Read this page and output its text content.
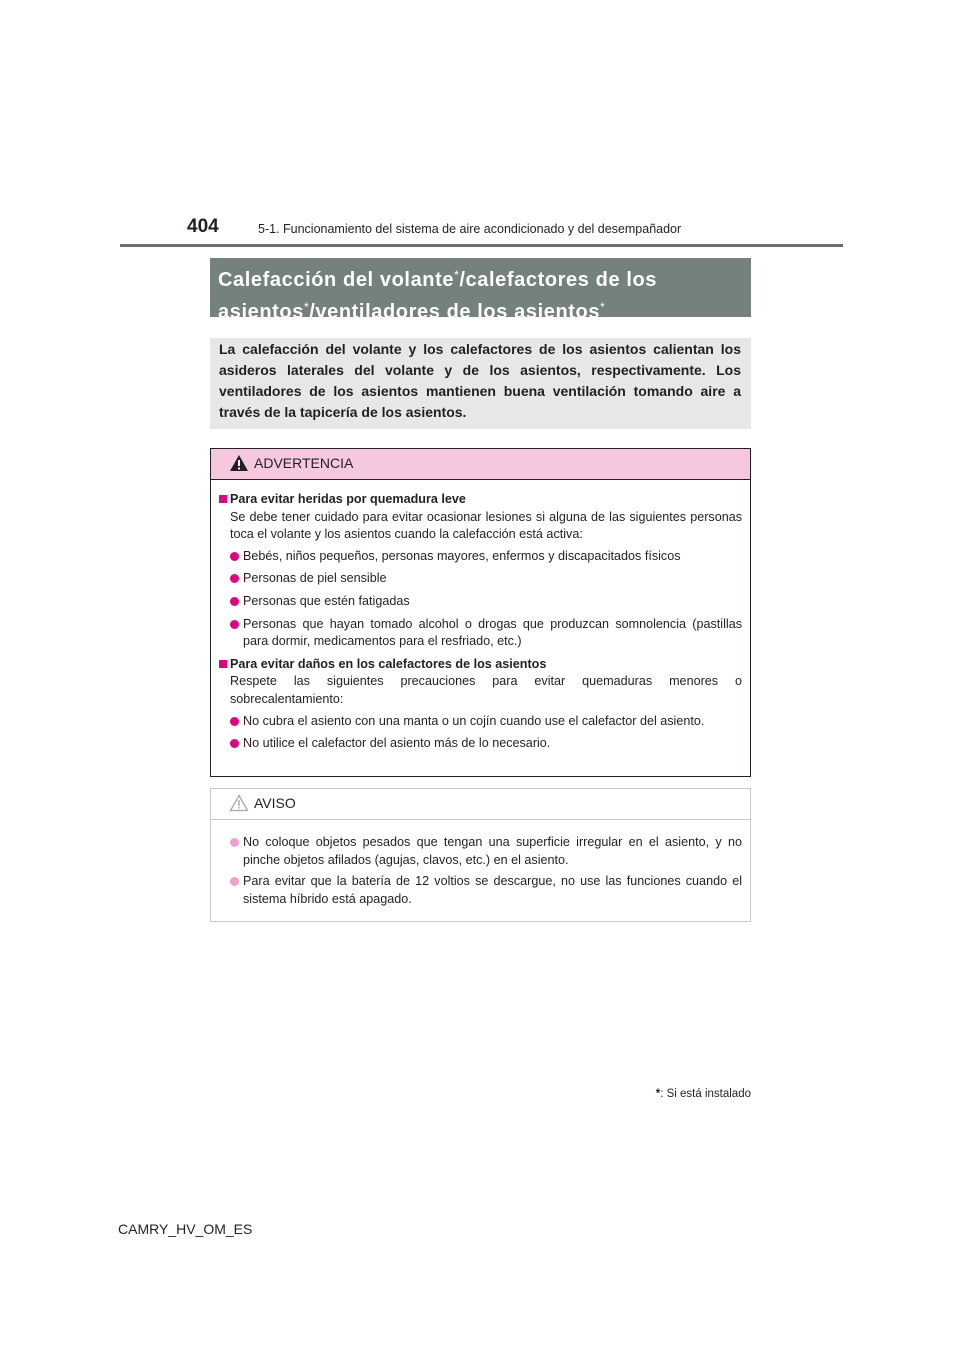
404	5-1. Funcionamiento del sistema de aire acondicionado y del desempañador
Calefacción del volante*/calefactores de los
asientos*/ventiladores de los asientos*
La calefacción del volante y los calefactores de los asientos calientan los asideros laterales del volante y de los asientos, respectivamente. Los ventiladores de los asientos mantienen buena ventilación tomando aire a través de la tapicería de los asientos.
ADVERTENCIA
Para evitar heridas por quemadura leve
Se debe tener cuidado para evitar ocasionar lesiones si alguna de las siguientes personas toca el volante y los asientos cuando la calefacción está activa:
Bebés, niños pequeños, personas mayores, enfermos y discapacitados físicos
Personas de piel sensible
Personas que estén fatigadas
Personas que hayan tomado alcohol o drogas que produzcan somnolencia (pastillas para dormir, medicamentos para el resfriado, etc.)
Para evitar daños en los calefactores de los asientos
Respete las siguientes precauciones para evitar quemaduras menores o sobrecalentamiento:
No cubra el asiento con una manta o un cojín cuando use el calefactor del asiento.
No utilice el calefactor del asiento más de lo necesario.
AVISO
No coloque objetos pesados que tengan una superficie irregular en el asiento, y no pinche objetos afilados (agujas, clavos, etc.) en el asiento.
Para evitar que la batería de 12 voltios se descargue, no use las funciones cuando el sistema híbrido está apagado.
*: Si está instalado
CAMRY_HV_OM_ES
